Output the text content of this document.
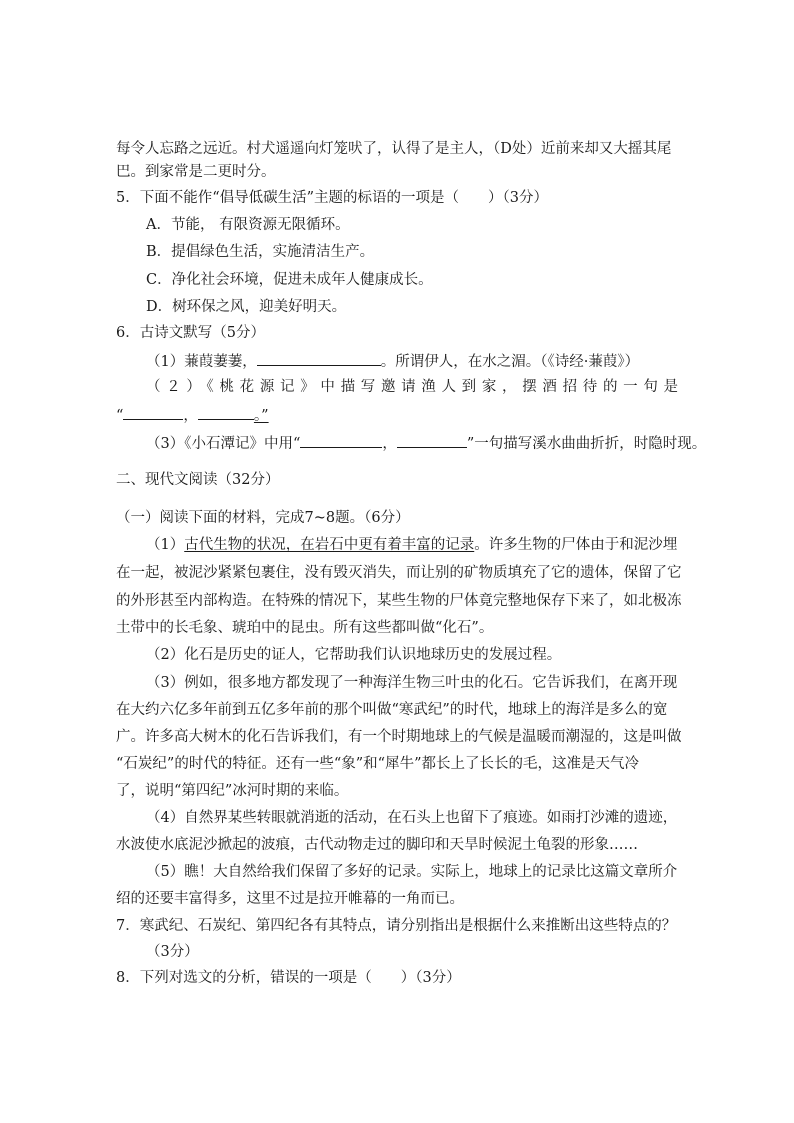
每令人忘路之远近。村犬遥遥向灯笼吠了，认得了是主人，（D处）近前来却又大摇其尾
巴。到家常是二更时分。
5．下面不能作“倡导低碳生活”主题的标语的一项是（　　）（3分）
A．节能， 有限资源无限循环。
B．提倡绿色生活，实施清洁生产。
C．净化社会环境，促进未成年人健康成长。
D．树环保之风，迎美好明天。
6．古诗文默写（5分）
（1）蒹葭萋萋，	。所谓伊人，在水之湄。（《诗经·蒹葭》）
（２）《桃花源记》中描写邀请渔人到家，摆酒招待的一句是
“	，	。”
（3）《小石潭记》中用“	，	”一句描写溪水曲曲折折，时隐时现。
二、现代文阅读（32分）
（一）阅读下面的材料，完成7~8题。（6分）
（1）古代生物的状况，在岩石中更有着丰富的记录。许多生物的尸体由于和泥沙埋
在一起，被泥沙紧紧包裹住，没有毁灭消失，而让别的矿物质填充了它的遗体，保留了它
的外形甚至内部构造。在特殊的情况下，某些生物的尸体竟完整地保存下来了，如北极冻
土带中的长毛象、琥珀中的昆虫。所有这些都叫做“化石”。
（2）化石是历史的证人，它帮助我们认识地球历史的发展过程。
（3）例如，很多地方都发现了一种海洋生物三叶虫的化石。它告诉我们，在离开现
在大约六亿多年前到五亿多年前的那个叫做“寒武纪”的时代，地球上的海洋是多么的宽
广。许多高大树木的化石告诉我们，有一个时期地球上的气候是温暖而潮湿的，这是叫做
“石炭纪”的时代的特征。还有一些“象”和“犀牛”都长上了长长的毛，这准是天气冷
了，说明“第四纪”冰河时期的来临。
（4）自然界某些转眼就消逝的活动，在石头上也留下了痕迹。如雨打沙滩的遗迹，
水波使水底泥沙掀起的波痕，古代动物走过的脚印和天旱时候泥土龟裂的形象……
（5）瞧！大自然给我们保留了多好的记录。实际上，地球上的记录比这篇文章所介
绍的还要丰富得多，这里不过是拉开帷幕的一角而已。
7．寒武纪、石炭纪、第四纪各有其特点，请分别指出是根据什么来推断出这些特点的？
（3分）
8．下列对选文的分析，错误的一项是（　　）（3分）
